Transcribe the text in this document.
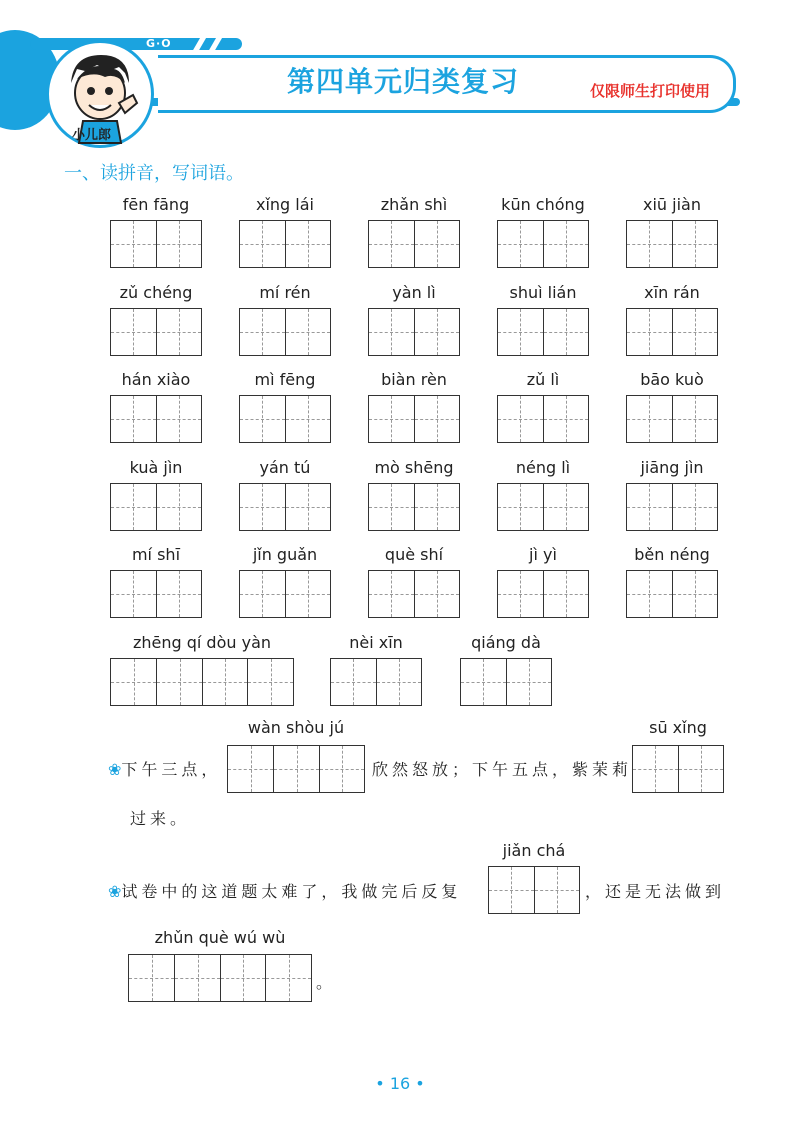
G·O
第四单元归类复习	仅限师生打印使用
小儿郎
一、读拼音，写词语。
fēn fāng	xǐng lái	zhǎn shì	kūn chóng	xiū jiàn
zǔ chéng	mí rén	yàn lì	shuì lián	xīn rán
hán xiào	mì fēng	biàn rèn	zǔ lì	bāo kuò
kuà jìn	yán tú	mò shēng	néng lì	jiāng jìn
mí shī	jǐn guǎn	què shí	jì yì	běn néng
zhēng qí dòu yàn	nèi xīn	qiáng dà
wàn shòu jú
❀下午三点，	欣然怒放；下午五点，紫茉莉
sū xǐng
过来。
jiǎn chá
❀试卷中的这道题太难了，我做完后反复	，还是无法做到
zhǔn què wú wù
。
• 16 •
